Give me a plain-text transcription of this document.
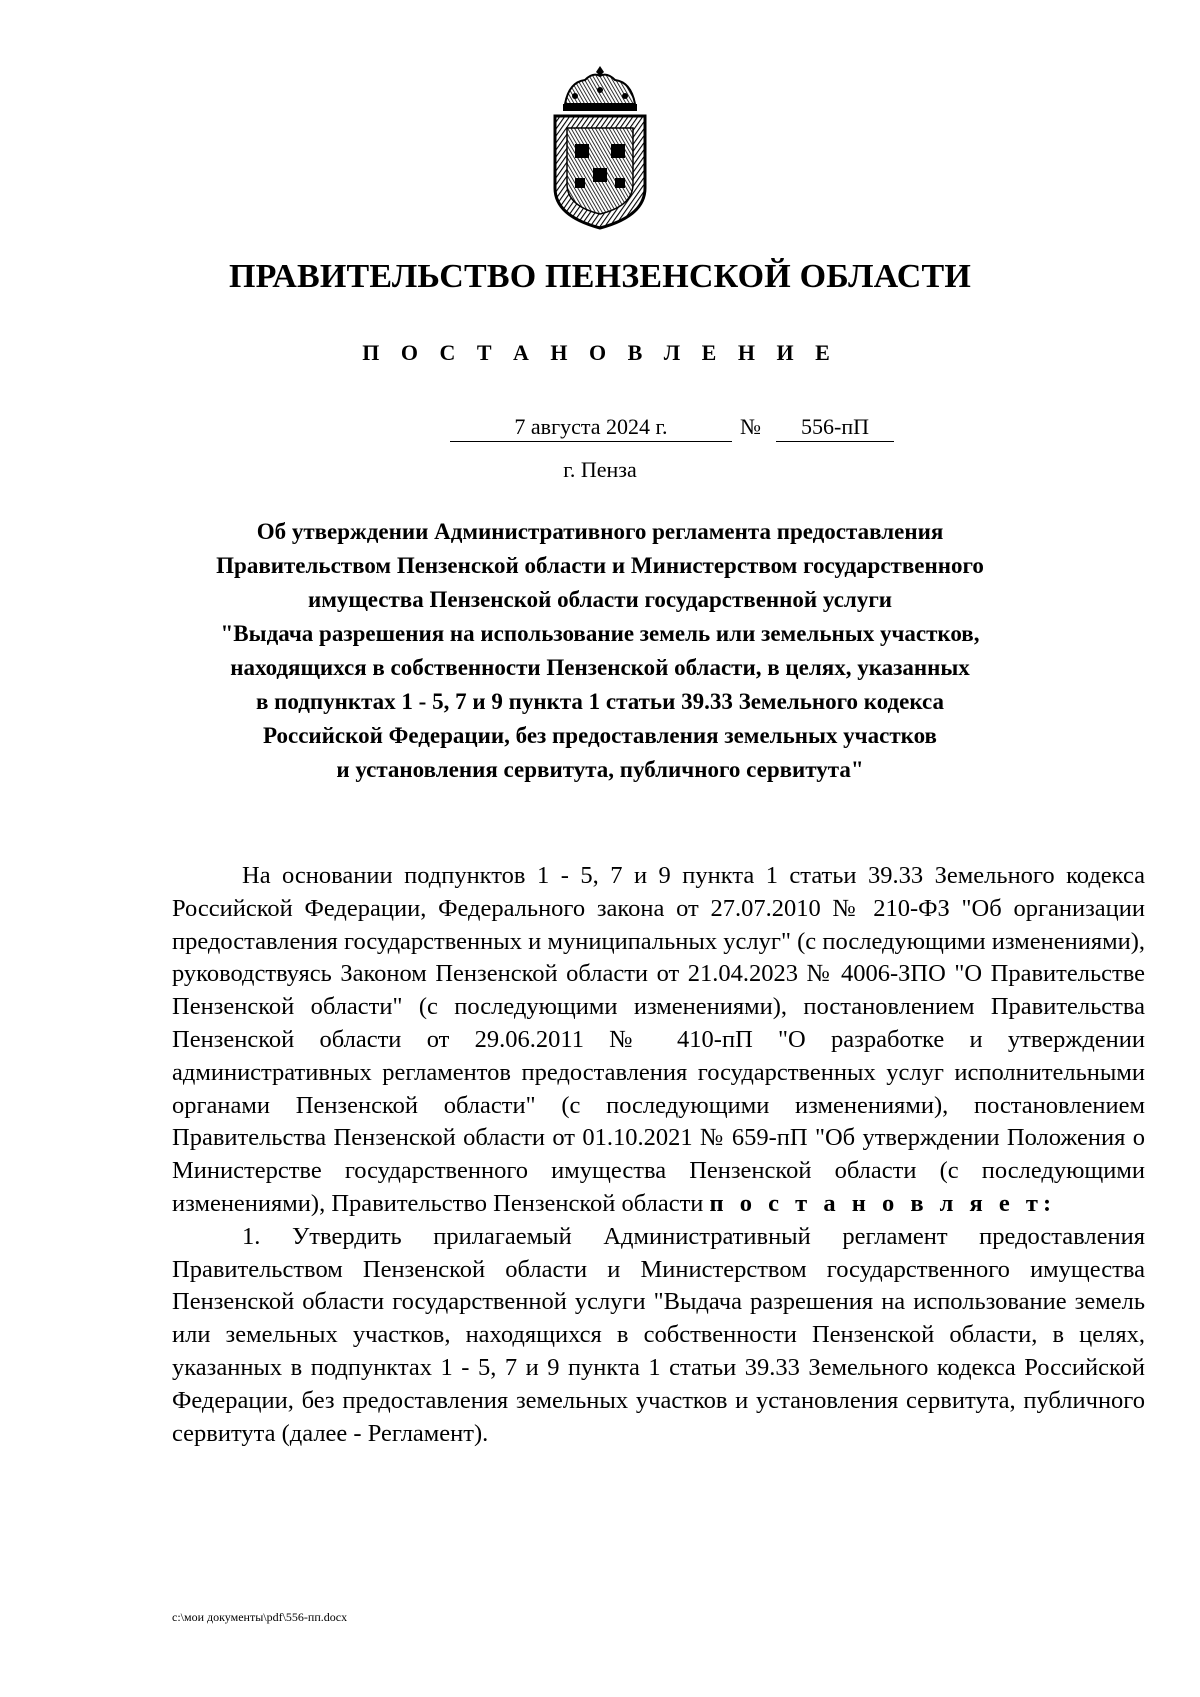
ПРАВИТЕЛЬСТВО ПЕНЗЕНСКОЙ ОБЛАСТИ
П О С Т А Н О В Л Е Н И Е
7 августа 2024 г.	№	556-пП
г. Пенза
Об утверждении Административного регламента предоставления
Правительством Пензенской области и Министерством государственного
имущества Пензенской области государственной услуги
"Выдача разрешения на использование земель или земельных участков,
находящихся в собственности Пензенской области, в целях, указанных
в подпунктах 1 - 5, 7 и 9 пункта 1 статьи 39.33 Земельного кодекса
Российской Федерации, без предоставления земельных участков
и установления сервитута, публичного сервитута"

На основании подпунктов 1 - 5, 7 и 9 пункта 1 статьи 39.33 Земельного кодекса Российской Федерации, Федерального закона от 27.07.2010 № 210-ФЗ "Об организации предоставления государственных и муниципальных услуг" (с последующими изменениями), руководствуясь Законом Пензенской области от 21.04.2023 № 4006-ЗПО "О Правительстве Пензенской области" (с последующими изменениями), постановлением Правительства Пензенской области от 29.06.2011 № 410-пП "О разработке и утверждении административных регламентов предоставления государственных услуг исполнительными органами Пензенской области" (с последующими изменениями), постановлением Правительства Пензенской области от 01.10.2021 № 659-пП "Об утверждении Положения о Министерстве государственного имущества Пензенской области (с последующими изменениями), Правительство Пензенской области п о с т а н о в л я е т:

1. Утвердить прилагаемый Административный регламент предоставления Правительством Пензенской области и Министерством государственного имущества Пензенской области государственной услуги "Выдача разрешения на использование земель или земельных участков, находящихся в собственности Пензенской области, в целях, указанных в подпунктах 1 - 5, 7 и 9 пункта 1 статьи 39.33 Земельного кодекса Российской Федерации, без предоставления земельных участков и установления сервитута, публичного сервитута (далее - Регламент).

c:\мои документы\pdf\556-пп.docx
